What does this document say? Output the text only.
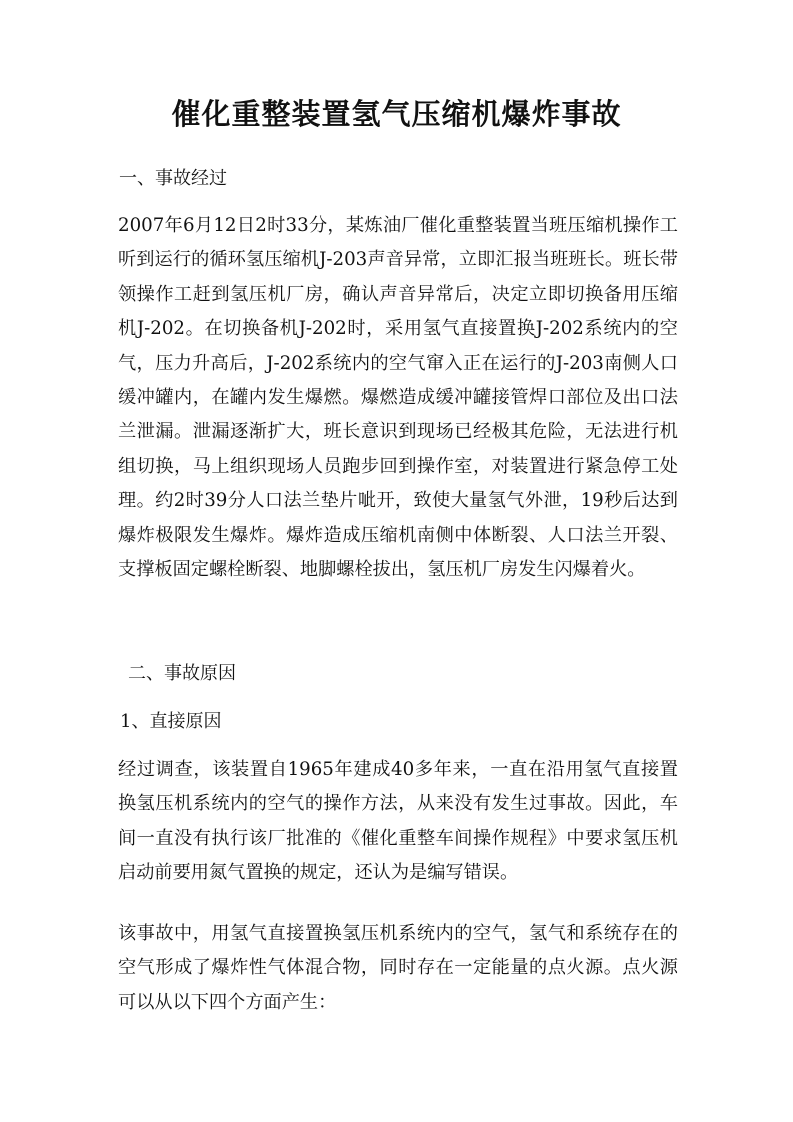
催化重整装置氢气压缩机爆炸事故

一、事故经过

2007年6月12日2时33分，某炼油厂催化重整装置当班压缩机操作工听到运行的循环氢压缩机J-203声音异常，立即汇报当班班长。班长带领操作工赶到氢压机厂房，确认声音异常后，决定立即切换备用压缩机J-202。在切换备机J-202时，采用氢气直接置换J-202系统内的空气，压力升高后，J-202系统内的空气窜入正在运行的J-203南侧人口缓冲罐内，在罐内发生爆燃。爆燃造成缓冲罐接管焊口部位及出口法兰泄漏。泄漏逐渐扩大，班长意识到现场已经极其危险，无法进行机组切换，马上组织现场人员跑步回到操作室，对装置进行紧急停工处理。约2时39分人口法兰垫片呲开，致使大量氢气外泄，19秒后达到爆炸极限发生爆炸。爆炸造成压缩机南侧中体断裂、人口法兰开裂、支撑板固定螺栓断裂、地脚螺栓拔出，氢压机厂房发生闪爆着火。

二、事故原因

1、直接原因

经过调查，该装置自1965年建成40多年来，一直在沿用氢气直接置换氢压机系统内的空气的操作方法，从来没有发生过事故。因此，车间一直没有执行该厂批准的《催化重整车间操作规程》中要求氢压机启动前要用氮气置换的规定，还认为是编写错误。

该事故中，用氢气直接置换氢压机系统内的空气，氢气和系统存在的空气形成了爆炸性气体混合物，同时存在一定能量的点火源。点火源可以从以下四个方面产生：
